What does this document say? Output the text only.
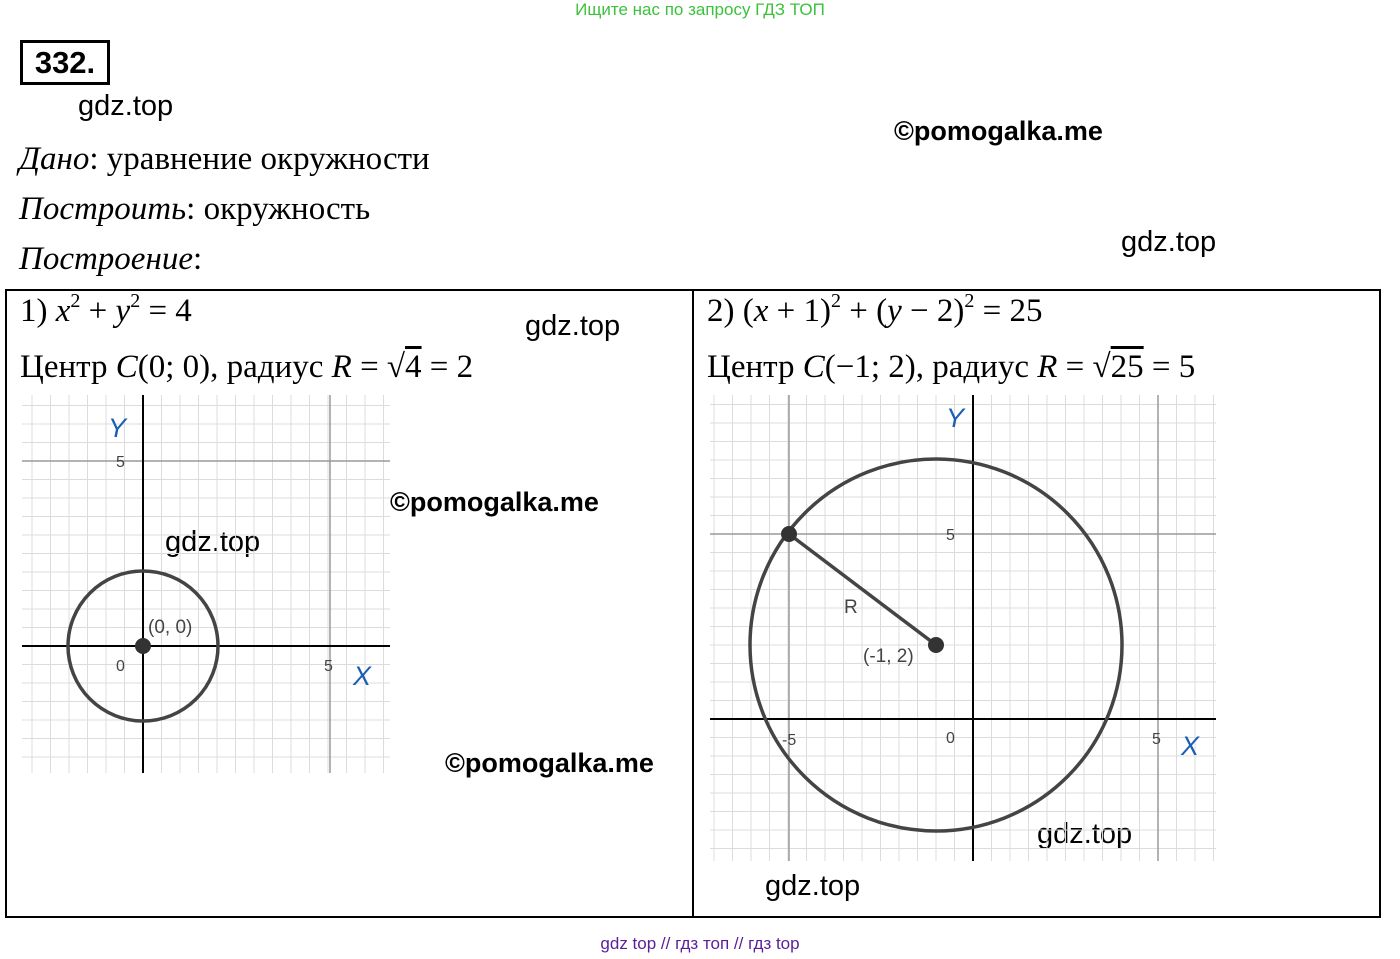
Ищите нас по запросу ГДЗ ТОП
332.
gdz.top
©pomogalka.me
gdz.top
Дано: уравнение окружности
Построить: окружность
Построение:
1) $x^2 + y^2 = 4$
Центр C(0; 0), радиус R = √4 = 2
gdz.top
©pomogalka.me
gdz.top
©pomogalka.me
(0, 0)
0
5
5
Y
X
2) $(x + 1)^2 + (y - 2)^2 = 25$
Центр C(−1; 2), радиус R = √25 = 5
gdz.top
gdz.top
R
(-1, 2)
0
5
5
-5
Y
X
gdz top // гдз топ // гдз top
